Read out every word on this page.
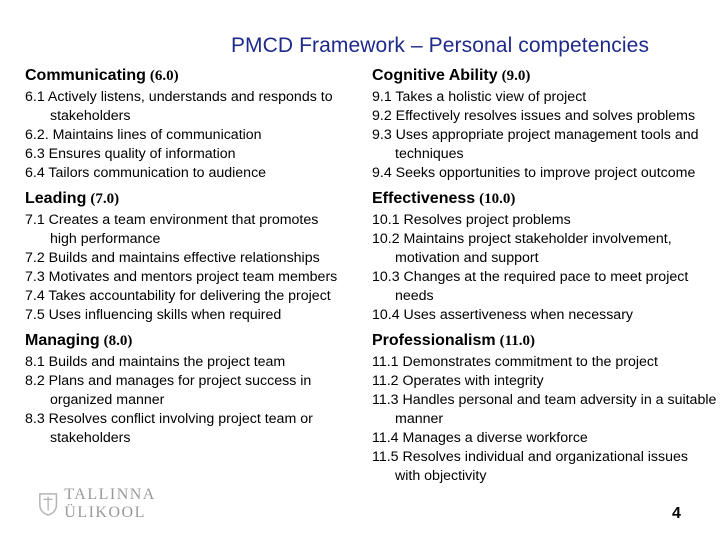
PMCD Framework – Personal competencies
Communicating (6.0)
6.1 Actively listens, understands and responds to stakeholders
6.2. Maintains lines of communication
6.3 Ensures quality of information
6.4 Tailors communication to audience
Leading (7.0)
7.1 Creates a team environment that promotes high performance
7.2 Builds and maintains effective relationships
7.3 Motivates and mentors project team members
7.4 Takes accountability for delivering the project
7.5 Uses influencing skills when required
Managing (8.0)
8.1 Builds and maintains the project team
8.2 Plans and manages for project success in organized manner
8.3 Resolves conflict involving project team or stakeholders
Cognitive Ability (9.0)
9.1 Takes a holistic view of project
9.2 Effectively resolves issues and solves problems
9.3 Uses appropriate project management tools and techniques
9.4 Seeks opportunities to improve project outcome
Effectiveness (10.0)
10.1 Resolves project problems
10.2 Maintains project stakeholder involvement, motivation and support
10.3 Changes at the required pace to meet project needs
10.4 Uses assertiveness when necessary
Professionalism (11.0)
11.1 Demonstrates commitment to the project
11.2 Operates with integrity
11.3 Handles personal and team adversity in a suitable manner
11.4 Manages a diverse workforce
11.5 Resolves individual and organizational issues with objectivity
TALLINNA ÜLIKOOL	4
